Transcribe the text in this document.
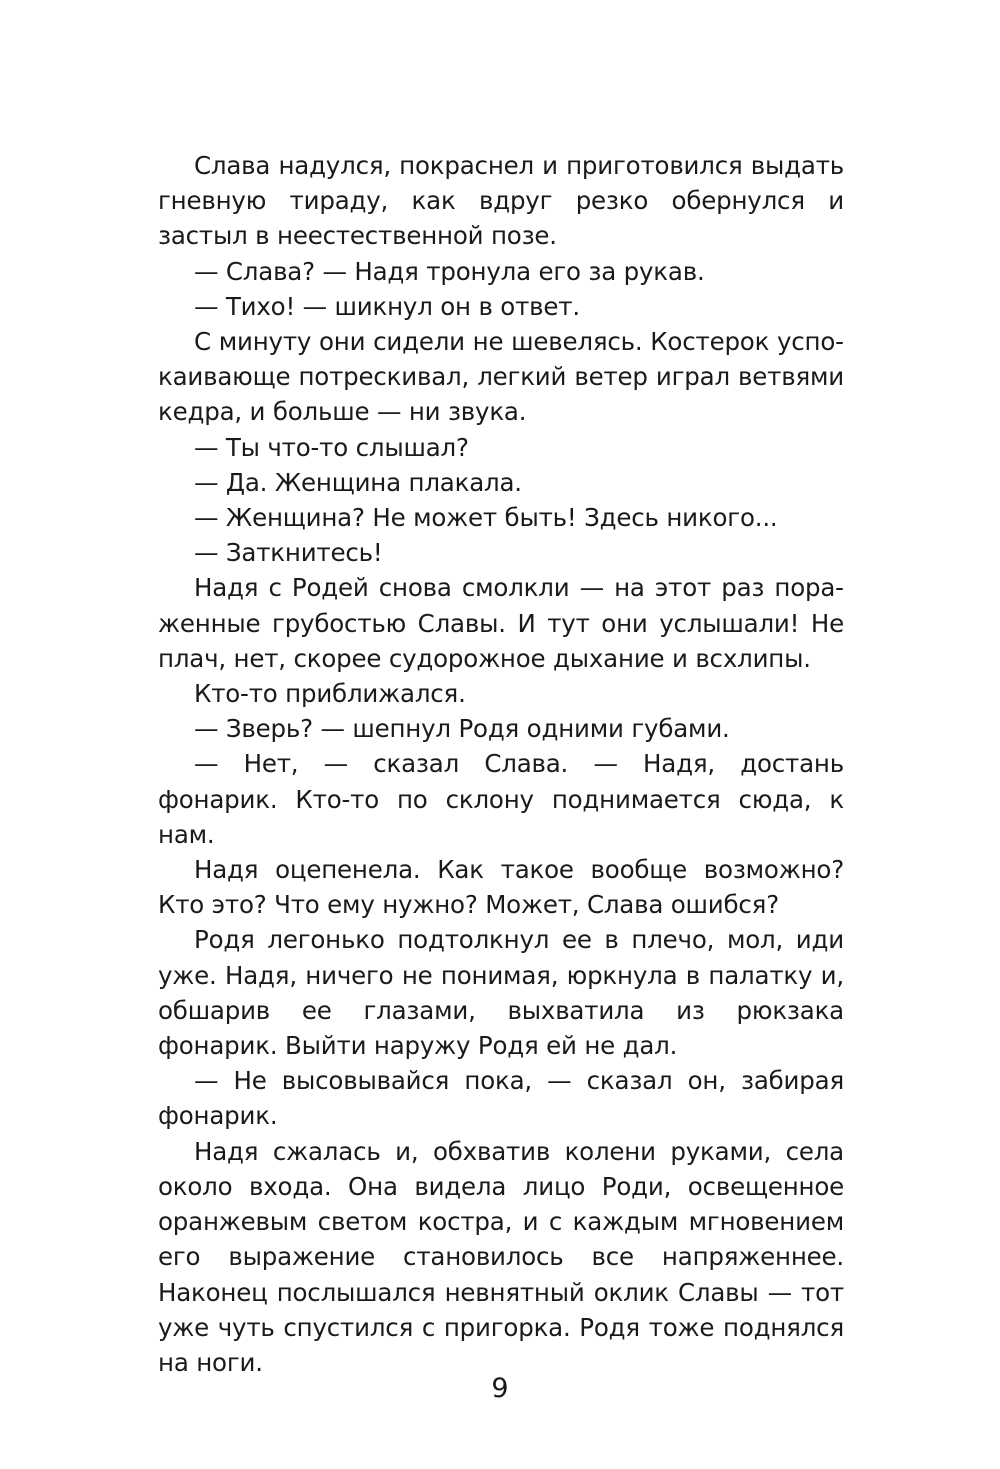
Слава надулся, покраснел и приготовился выдать гневную тираду, как вдруг резко обернулся и застыл в неестественной позе.

— Слава? — Надя тронула его за рукав.

— Тихо! — шикнул он в ответ.

С минуту они сидели не шевелясь. Костерок успокаивающе потрескивал, легкий ветер играл ветвями кедра, и больше — ни звука.

— Ты что-то слышал?

— Да. Женщина плакала.

— Женщина? Не может быть! Здесь никого...

— Заткнитесь!

Надя с Родей снова смолкли — на этот раз пораженные грубостью Славы. И тут они услышали! Не плач, нет, скорее судорожное дыхание и всхлипы.

Кто-то приближался.

— Зверь? — шепнул Родя одними губами.

— Нет, — сказал Слава. — Надя, достань фонарик. Кто-то по склону поднимается сюда, к нам.

Надя оцепенела. Как такое вообще возможно? Кто это? Что ему нужно? Может, Слава ошибся?

Родя легонько подтолкнул ее в плечо, мол, иди уже. Надя, ничего не понимая, юркнула в палатку и, обшарив ее глазами, выхватила из рюкзака фонарик. Выйти наружу Родя ей не дал.

— Не высовывайся пока, — сказал он, забирая фонарик.

Надя сжалась и, обхватив колени руками, села около входа. Она видела лицо Роди, освещенное оранжевым светом костра, и с каждым мгновением его выражение становилось все напряженнее. Наконец послышался невнятный оклик Славы — тот уже чуть спустился с пригорка. Родя тоже поднялся на ноги.

9
